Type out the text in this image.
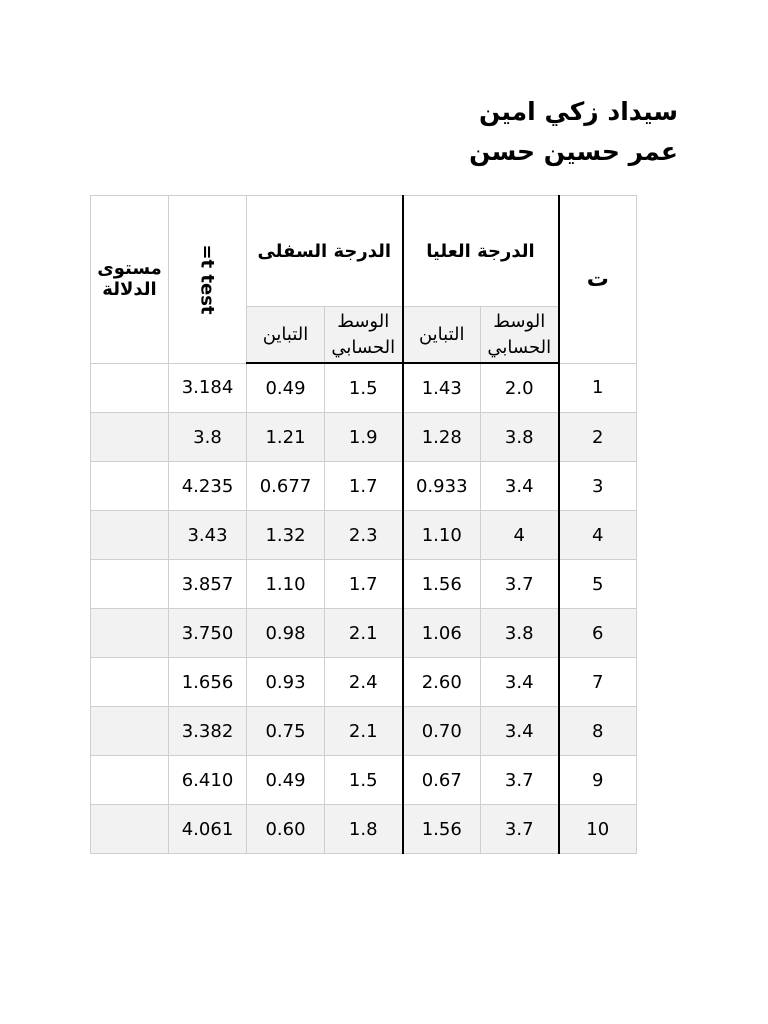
سيداد زكي امين
عمر حسين حسن
ت	الدرجة العليا		الدرجة السفلى		t test=	مستوى الدلالة
	الوسط الحسابي	التباين	الوسط الحسابي	التباين		
1	2.0	1.43	1.5	0.49	3.184	
2	3.8	1.28	1.9	1.21	3.8	
3	3.4	0.933	1.7	0.677	4.235	
4	4	1.10	2.3	1.32	3.43	
5	3.7	1.56	1.7	1.10	3.857	
6	3.8	1.06	2.1	0.98	3.750	
7	3.4	2.60	2.4	0.93	1.656	
8	3.4	0.70	2.1	0.75	3.382	
9	3.7	0.67	1.5	0.49	6.410	
10	3.7	1.56	1.8	0.60	4.061	
